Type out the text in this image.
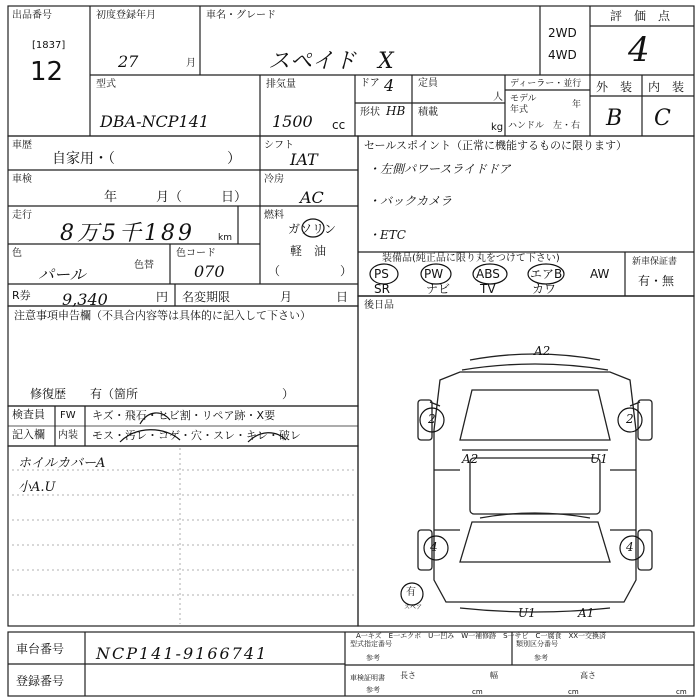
出品番号
[1837]
12
初度登録年月
27	月
車名・グレード
スペイド　X
2WD
4WD
評　価　点
4
型式
DBA-NCP141
排気量
1500 cc
ドア 4
形状 HB
定員
人
積載
kg
ディーラー・並行
モデル
年式	年
ハンドル　左・右
外　装 内　装
B C
車歴
自家用・（　　　　　　　　）
車検
年　　　月（　　　日）
走行
8万5千189	km
色
パール	色替
色コード
070
シフト
IAT
冷房
AC
燃料
ガソリン
軽　油
（　　　　　）
R券 9,340	円 名変期限	月	日
セールスポイント（正常に機能するものに限ります）
・左側パワースライドドア
・バックカメラ
・ETC
装備品(純正品に限り丸をつけて下さい)
PS	PW	ABS	エアB AW
SR	ナビ TV	カワ
新車保証書
有・無
後日品
注意事項申告欄（不具合内容等は具体的に記入して下さい）
修復歴　　有（箇所　　　　　　　　　　　　）
検査員
記入欄
FW キズ・飛石・ヒビ割・リペア跡・X要
内装 モス・汚レ・コゲ・穴・スレ・キレ・破レ
ホイルカバーA
小A.U
A2
2	2
A2	U1
4	4
U1	A1
有
スペア
A一キズ　E一エクボ　U一凹み　W一補修跡　S一サビ　C一腐食　XX一交換済
車台番号 NCP141-9166741
登録番号
型式指定番号
参考
類別区分番号
参考
車検証明書
参考
長さ	幅	高さ
cm	cm	cm
